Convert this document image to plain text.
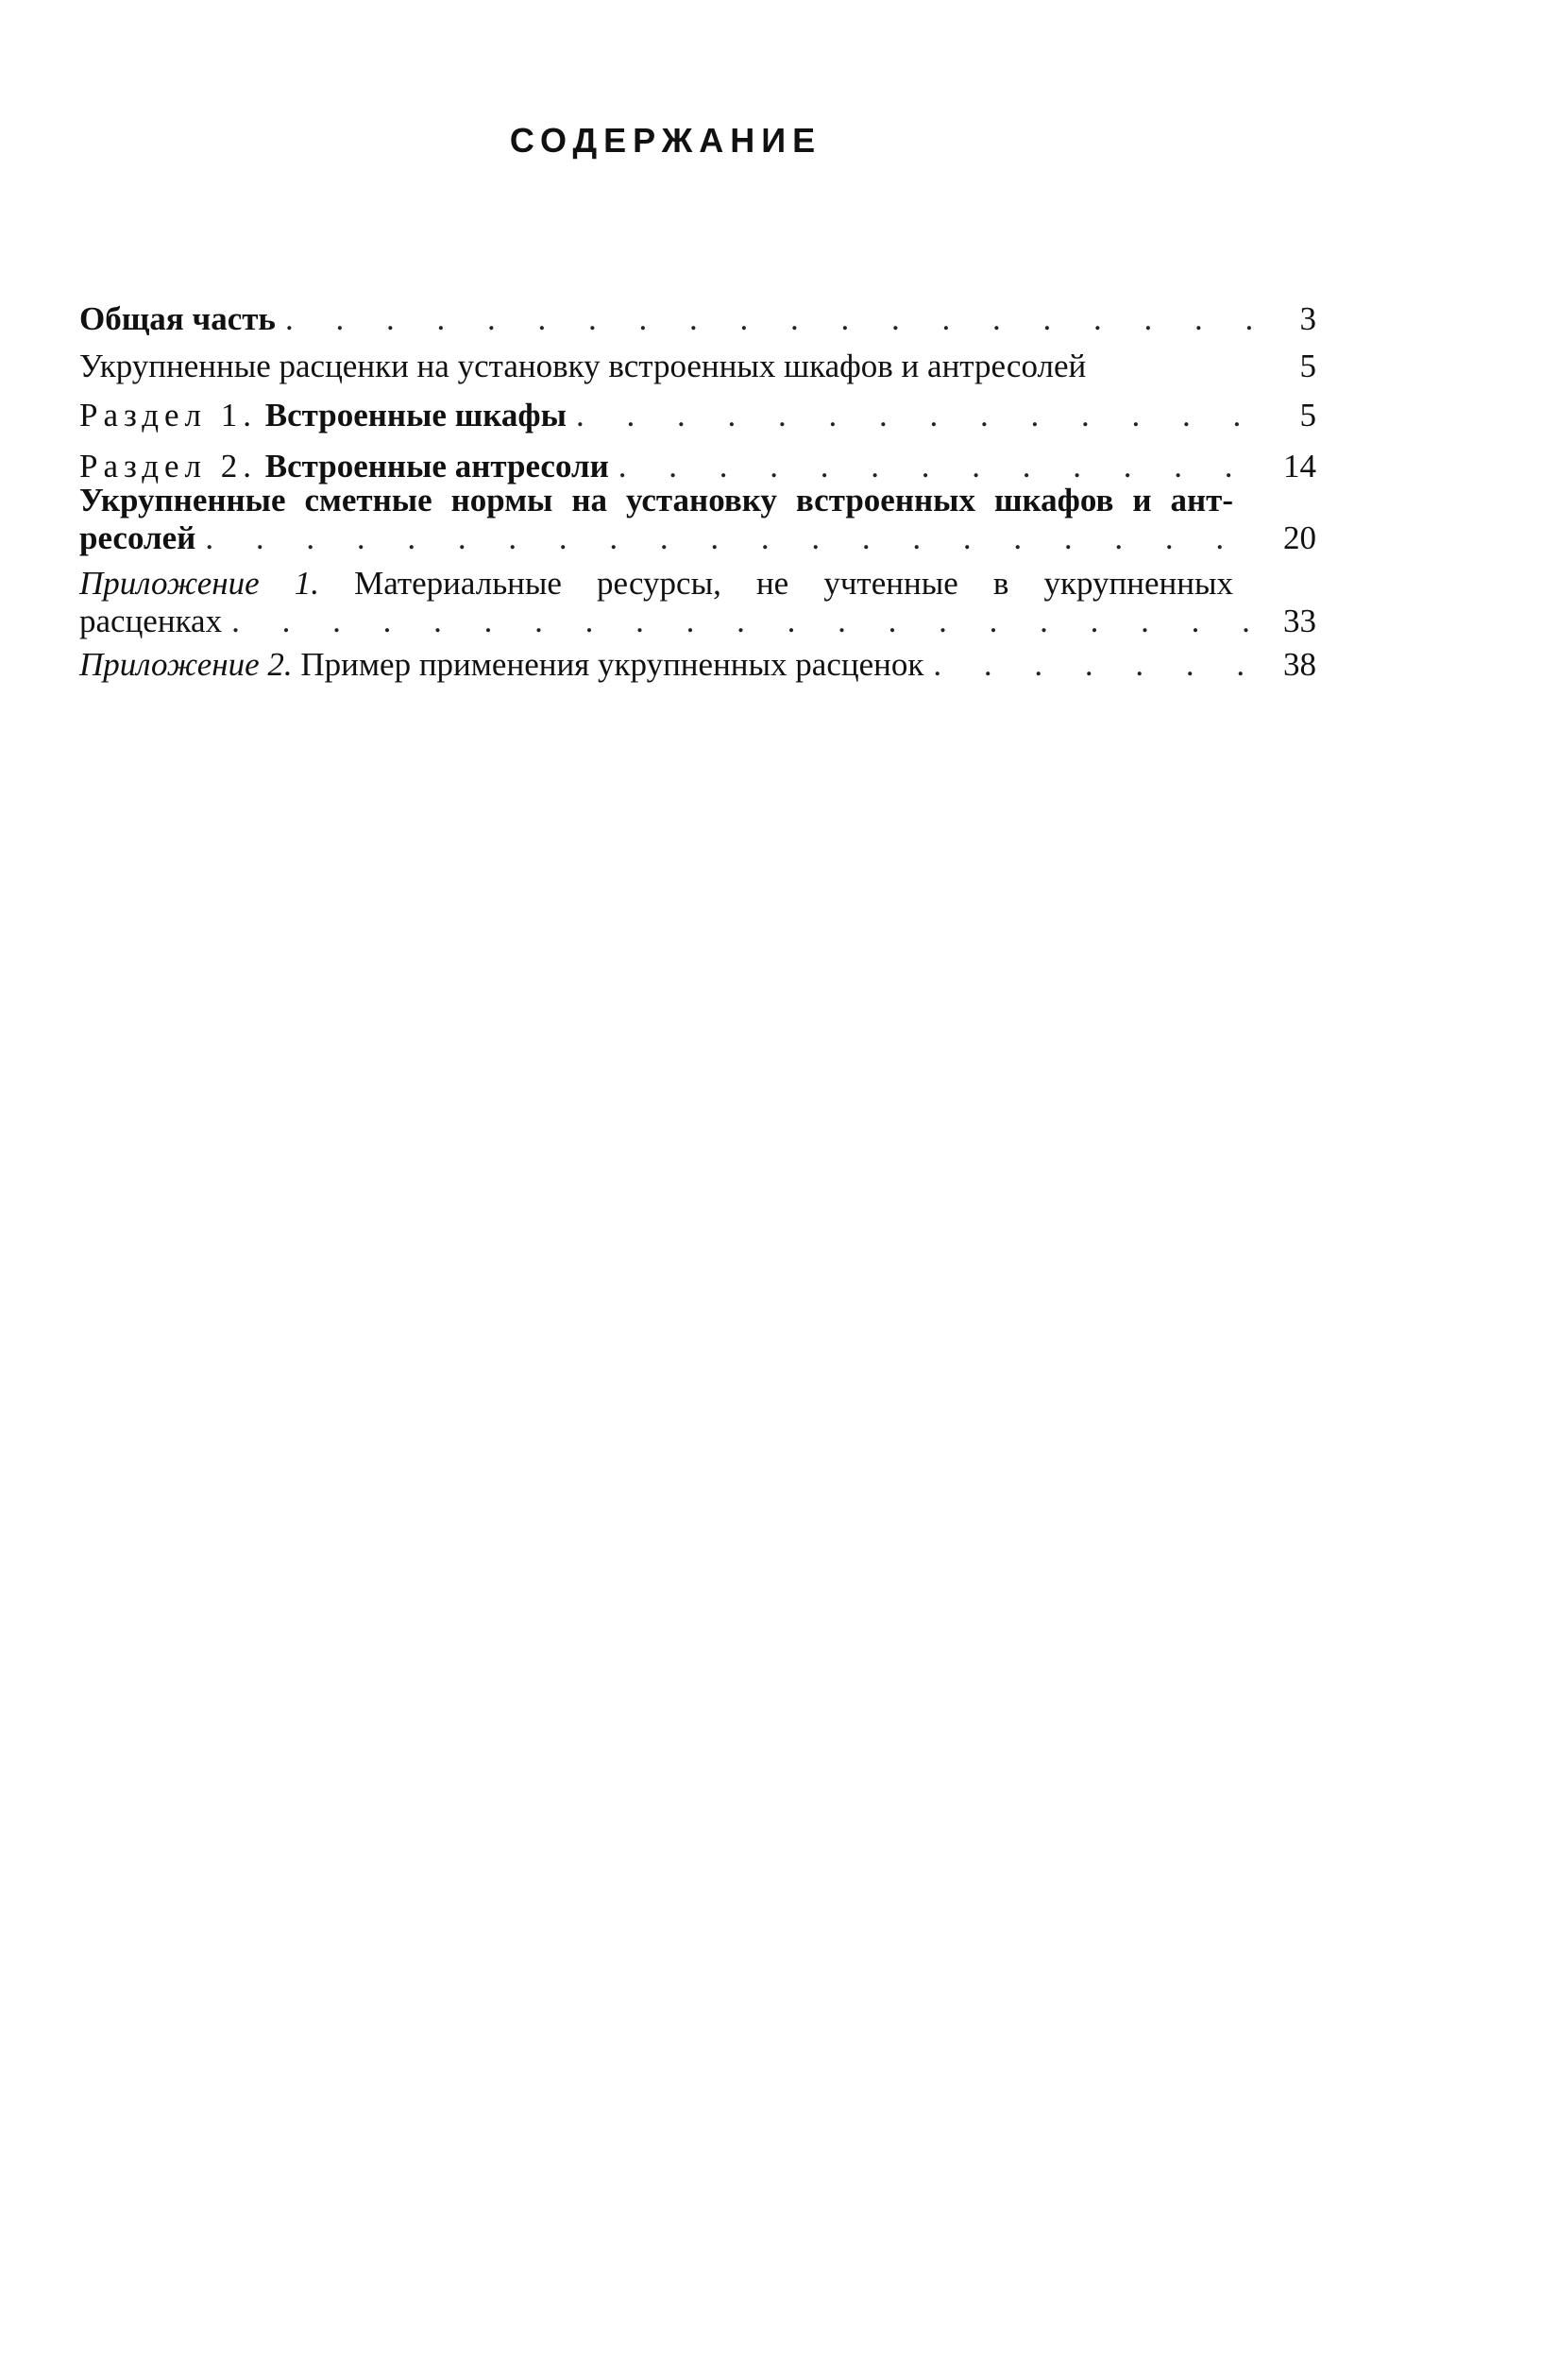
СОДЕРЖАНИЕ
Общая часть . . .	3
Укрупненные расценки на установку встроенных шкафов и антресолей	5
Раздел 1. Встроенные шкафы . . .	5
Раздел 2. Встроенные антресоли . . .	14
Укрупненные сметные нормы на установку встроенных шкафов и ант-
ресолей . . .	20
Приложение 1. Материальные ресурсы, не учтенные в укрупненных
расценках . . .	33
Приложение 2. Пример применения укрупненных расценок . . .	38
